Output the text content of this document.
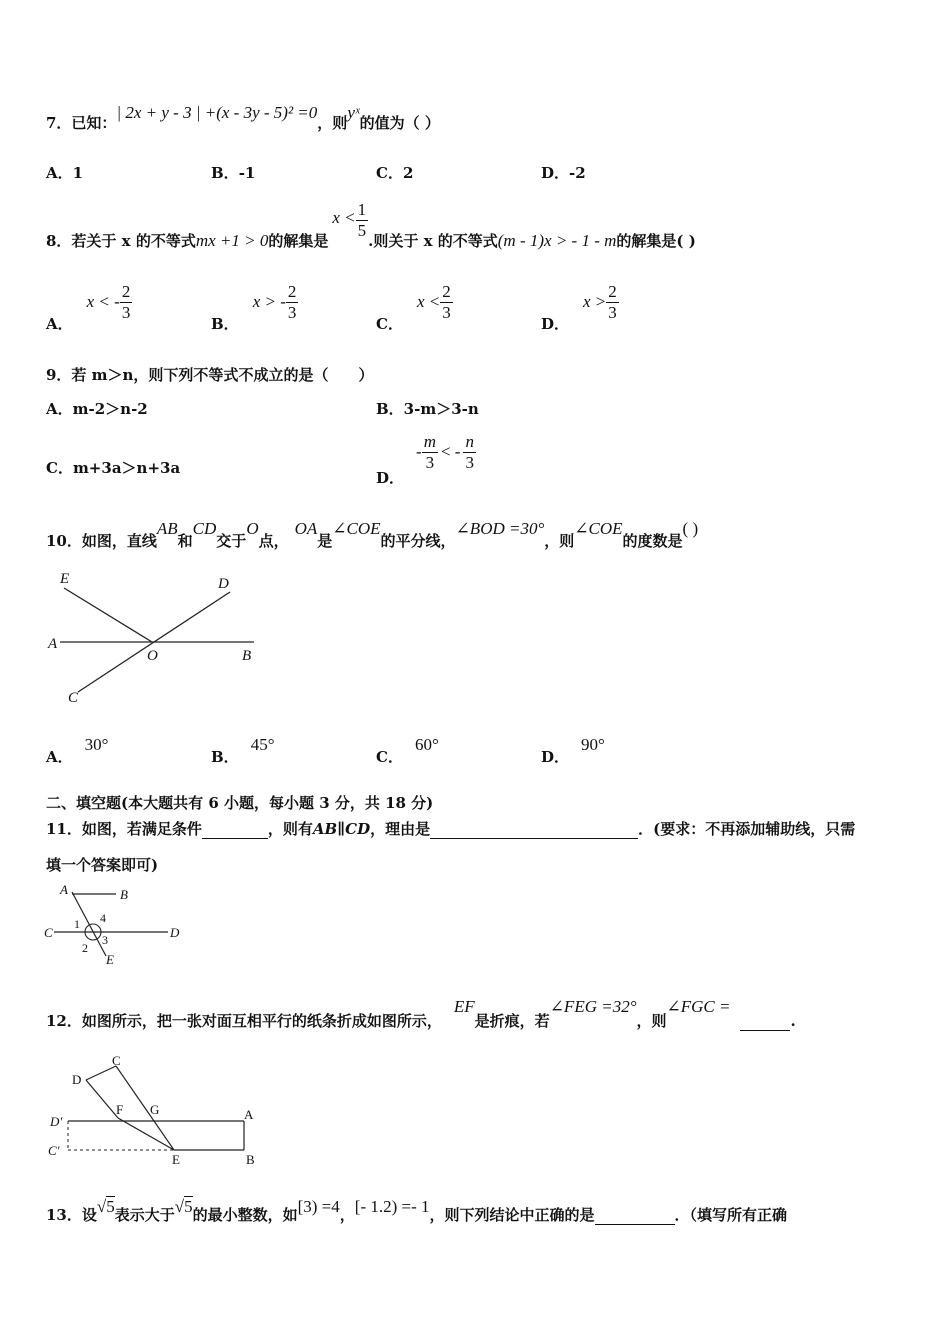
7．已知：| 2x + y - 3 | +(x - 3y - 5)² =0，则yˣ的值为（ ）
A．1	B．-1	C．2	D．-2
8．若关于 x 的不等式mx +1 > 0的解集是$x < \frac{1}{5}$ .则关于 x 的不等式(m - 1)x > - 1 - m的解集是( )
A．x < - $\frac{2}{3}$
B．x > - $\frac{2}{3}$
C．$x < \frac{2}{3}$
D．$x > \frac{2}{3}$
9．若 m＞n，则下列不等式不成立的是（　　）
A．m-2＞n-2	B．3-m＞3-n
C．m+3a＞n+3a
D．- $\frac{m}{3}$ < - $\frac{n}{3}$
10．如图，直线AB和CD交于O点，OA是∠COE的平分线，∠BOD =30°，则∠COE的度数是( )
E	D
A
O	B
C
A．30°
B．45°
C．60°
D．90°
二、填空题(本大题共有 6 小题，每小题 3 分，共 18 分)
11．如图，若满足条件	，则有AB∥CD，理由是	．(要求：不再添加辅助线，只需
填一个答案即可)
A	B
C	D
E
1 4
2
3
12．如图所示，把一张对面互相平行的纸条折成如图所示，EF是折痕，若∠FEG =32°，则∠FGC =.
C
D
F G	A
D'
C'
E	B
13．设√5表示大于√5的最小整数，如[3) =4，[- 1.2) =- 1，则下列结论中正确的是	．（填写所有正确
